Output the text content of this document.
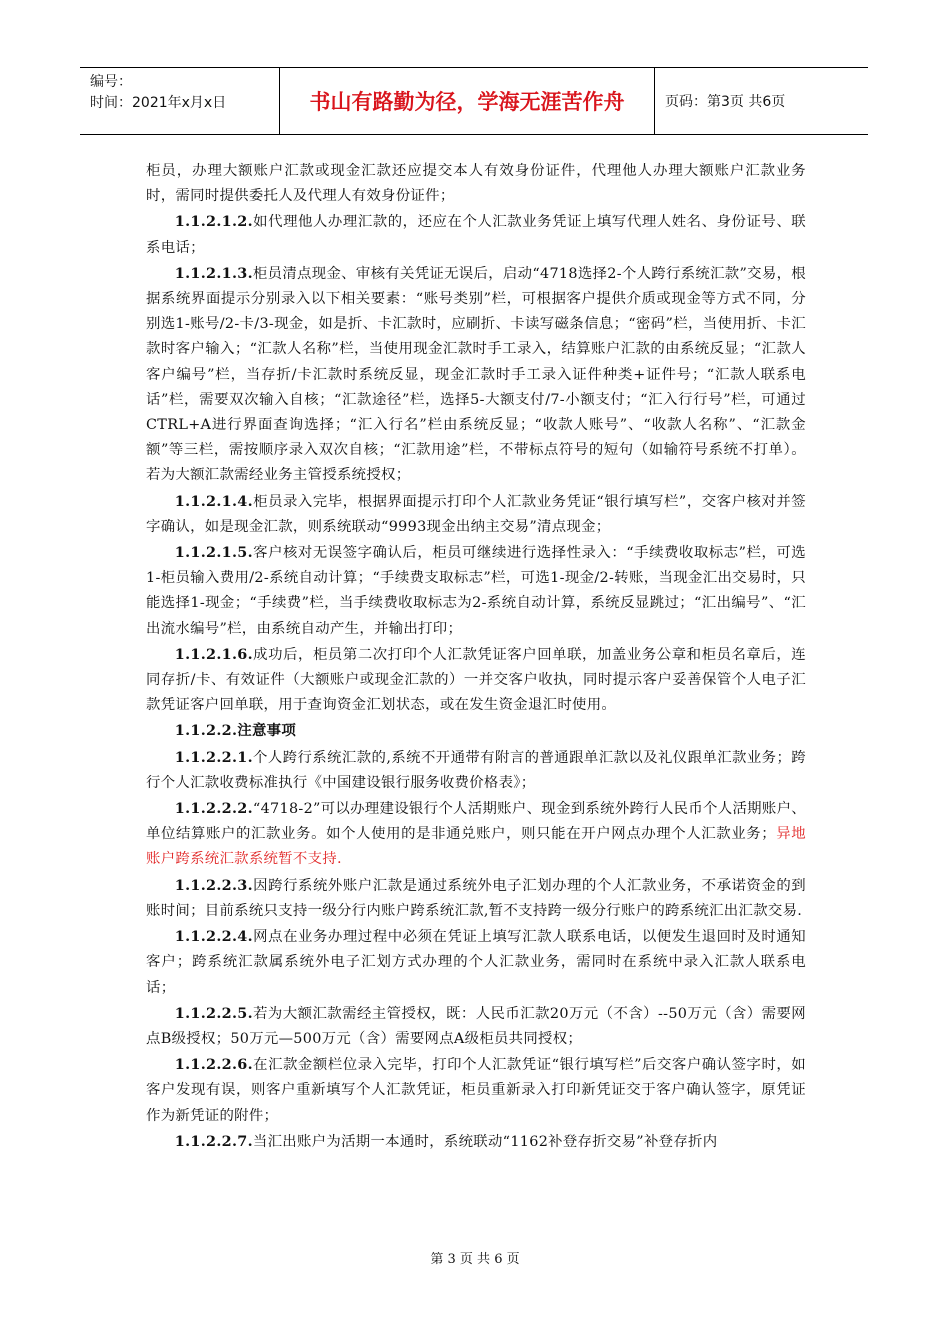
编号：
时间：2021年x月x日	书山有路勤为径，学海无涯苦作舟	页码：第3页 共6页

柜员，办理大额账户汇款或现金汇款还应提交本人有效身份证件，代理他人办理大额账户汇款业务时，需同时提供委托人及代理人有效身份证件；

1.1.2.1.2.如代理他人办理汇款的，还应在个人汇款业务凭证上填写代理人姓名、身份证号、联系电话；

1.1.2.1.3.柜员清点现金、审核有关凭证无误后，启动“4718选择2-个人跨行系统汇款”交易，根据系统界面提示分别录入以下相关要素：“账号类别”栏，可根据客户提供介质或现金等方式不同，分别选1-账号/2-卡/3-现金，如是折、卡汇款时，应刷折、卡读写磁条信息；“密码”栏，当使用折、卡汇款时客户输入；“汇款人名称”栏，当使用现金汇款时手工录入，结算账户汇款的由系统反显；“汇款人客户编号”栏，当存折/卡汇款时系统反显，现金汇款时手工录入证件种类+证件号；“汇款人联系电话”栏，需要双次输入自核；“汇款途径”栏，选择5-大额支付/7-小额支付；“汇入行行号”栏，可通过CTRL+A进行界面查询选择；“汇入行名”栏由系统反显；“收款人账号”、“收款人名称”、“汇款金额”等三栏，需按顺序录入双次自核；“汇款用途”栏，不带标点符号的短句（如输符号系统不打单）。若为大额汇款需经业务主管授系统授权；

1.1.2.1.4.柜员录入完毕，根据界面提示打印个人汇款业务凭证“银行填写栏”，交客户核对并签字确认，如是现金汇款，则系统联动“9993现金出纳主交易”清点现金；

1.1.2.1.5.客户核对无误签字确认后，柜员可继续进行选择性录入：“手续费收取标志”栏，可选1-柜员输入费用/2-系统自动计算；“手续费支取标志”栏，可选1-现金/2-转账，当现金汇出交易时，只能选择1-现金；“手续费”栏，当手续费收取标志为2-系统自动计算，系统反显跳过；“汇出编号”、“汇出流水编号”栏，由系统自动产生，并输出打印；

1.1.2.1.6.成功后，柜员第二次打印个人汇款凭证客户回单联，加盖业务公章和柜员名章后，连同存折/卡、有效证件（大额账户或现金汇款的）一并交客户收执，同时提示客户妥善保管个人电子汇款凭证客户回单联，用于查询资金汇划状态，或在发生资金退汇时使用。

1.1.2.2.注意事项

1.1.2.2.1.个人跨行系统汇款的,系统不开通带有附言的普通跟单汇款以及礼仪跟单汇款业务；跨行个人汇款收费标准执行《中国建设银行服务收费价格表》；

1.1.2.2.2.“4718-2”可以办理建设银行个人活期账户、现金到系统外跨行人民币个人活期账户、单位结算账户的汇款业务。如个人使用的是非通兑账户，则只能在开户网点办理个人汇款业务；异地账户跨系统汇款系统暂不支持.

1.1.2.2.3.因跨行系统外账户汇款是通过系统外电子汇划办理的个人汇款业务，不承诺资金的到账时间；目前系统只支持一级分行内账户跨系统汇款,暂不支持跨一级分行账户的跨系统汇出汇款交易.

1.1.2.2.4.网点在业务办理过程中必须在凭证上填写汇款人联系电话，以便发生退回时及时通知客户；跨系统汇款属系统外电子汇划方式办理的个人汇款业务，需同时在系统中录入汇款人联系电话；

1.1.2.2.5.若为大额汇款需经主管授权，既：人民币汇款20万元（不含）--50万元（含）需要网点B级授权；50万元—500万元（含）需要网点A级柜员共同授权；

1.1.2.2.6.在汇款金额栏位录入完毕，打印个人汇款凭证“银行填写栏”后交客户确认签字时，如客户发现有误，则客户重新填写个人汇款凭证，柜员重新录入打印新凭证交于客户确认签字，原凭证作为新凭证的附件；

1.1.2.2.7.当汇出账户为活期一本通时，系统联动“1162补登存折交易”补登存折内

第 3 页 共 6 页
